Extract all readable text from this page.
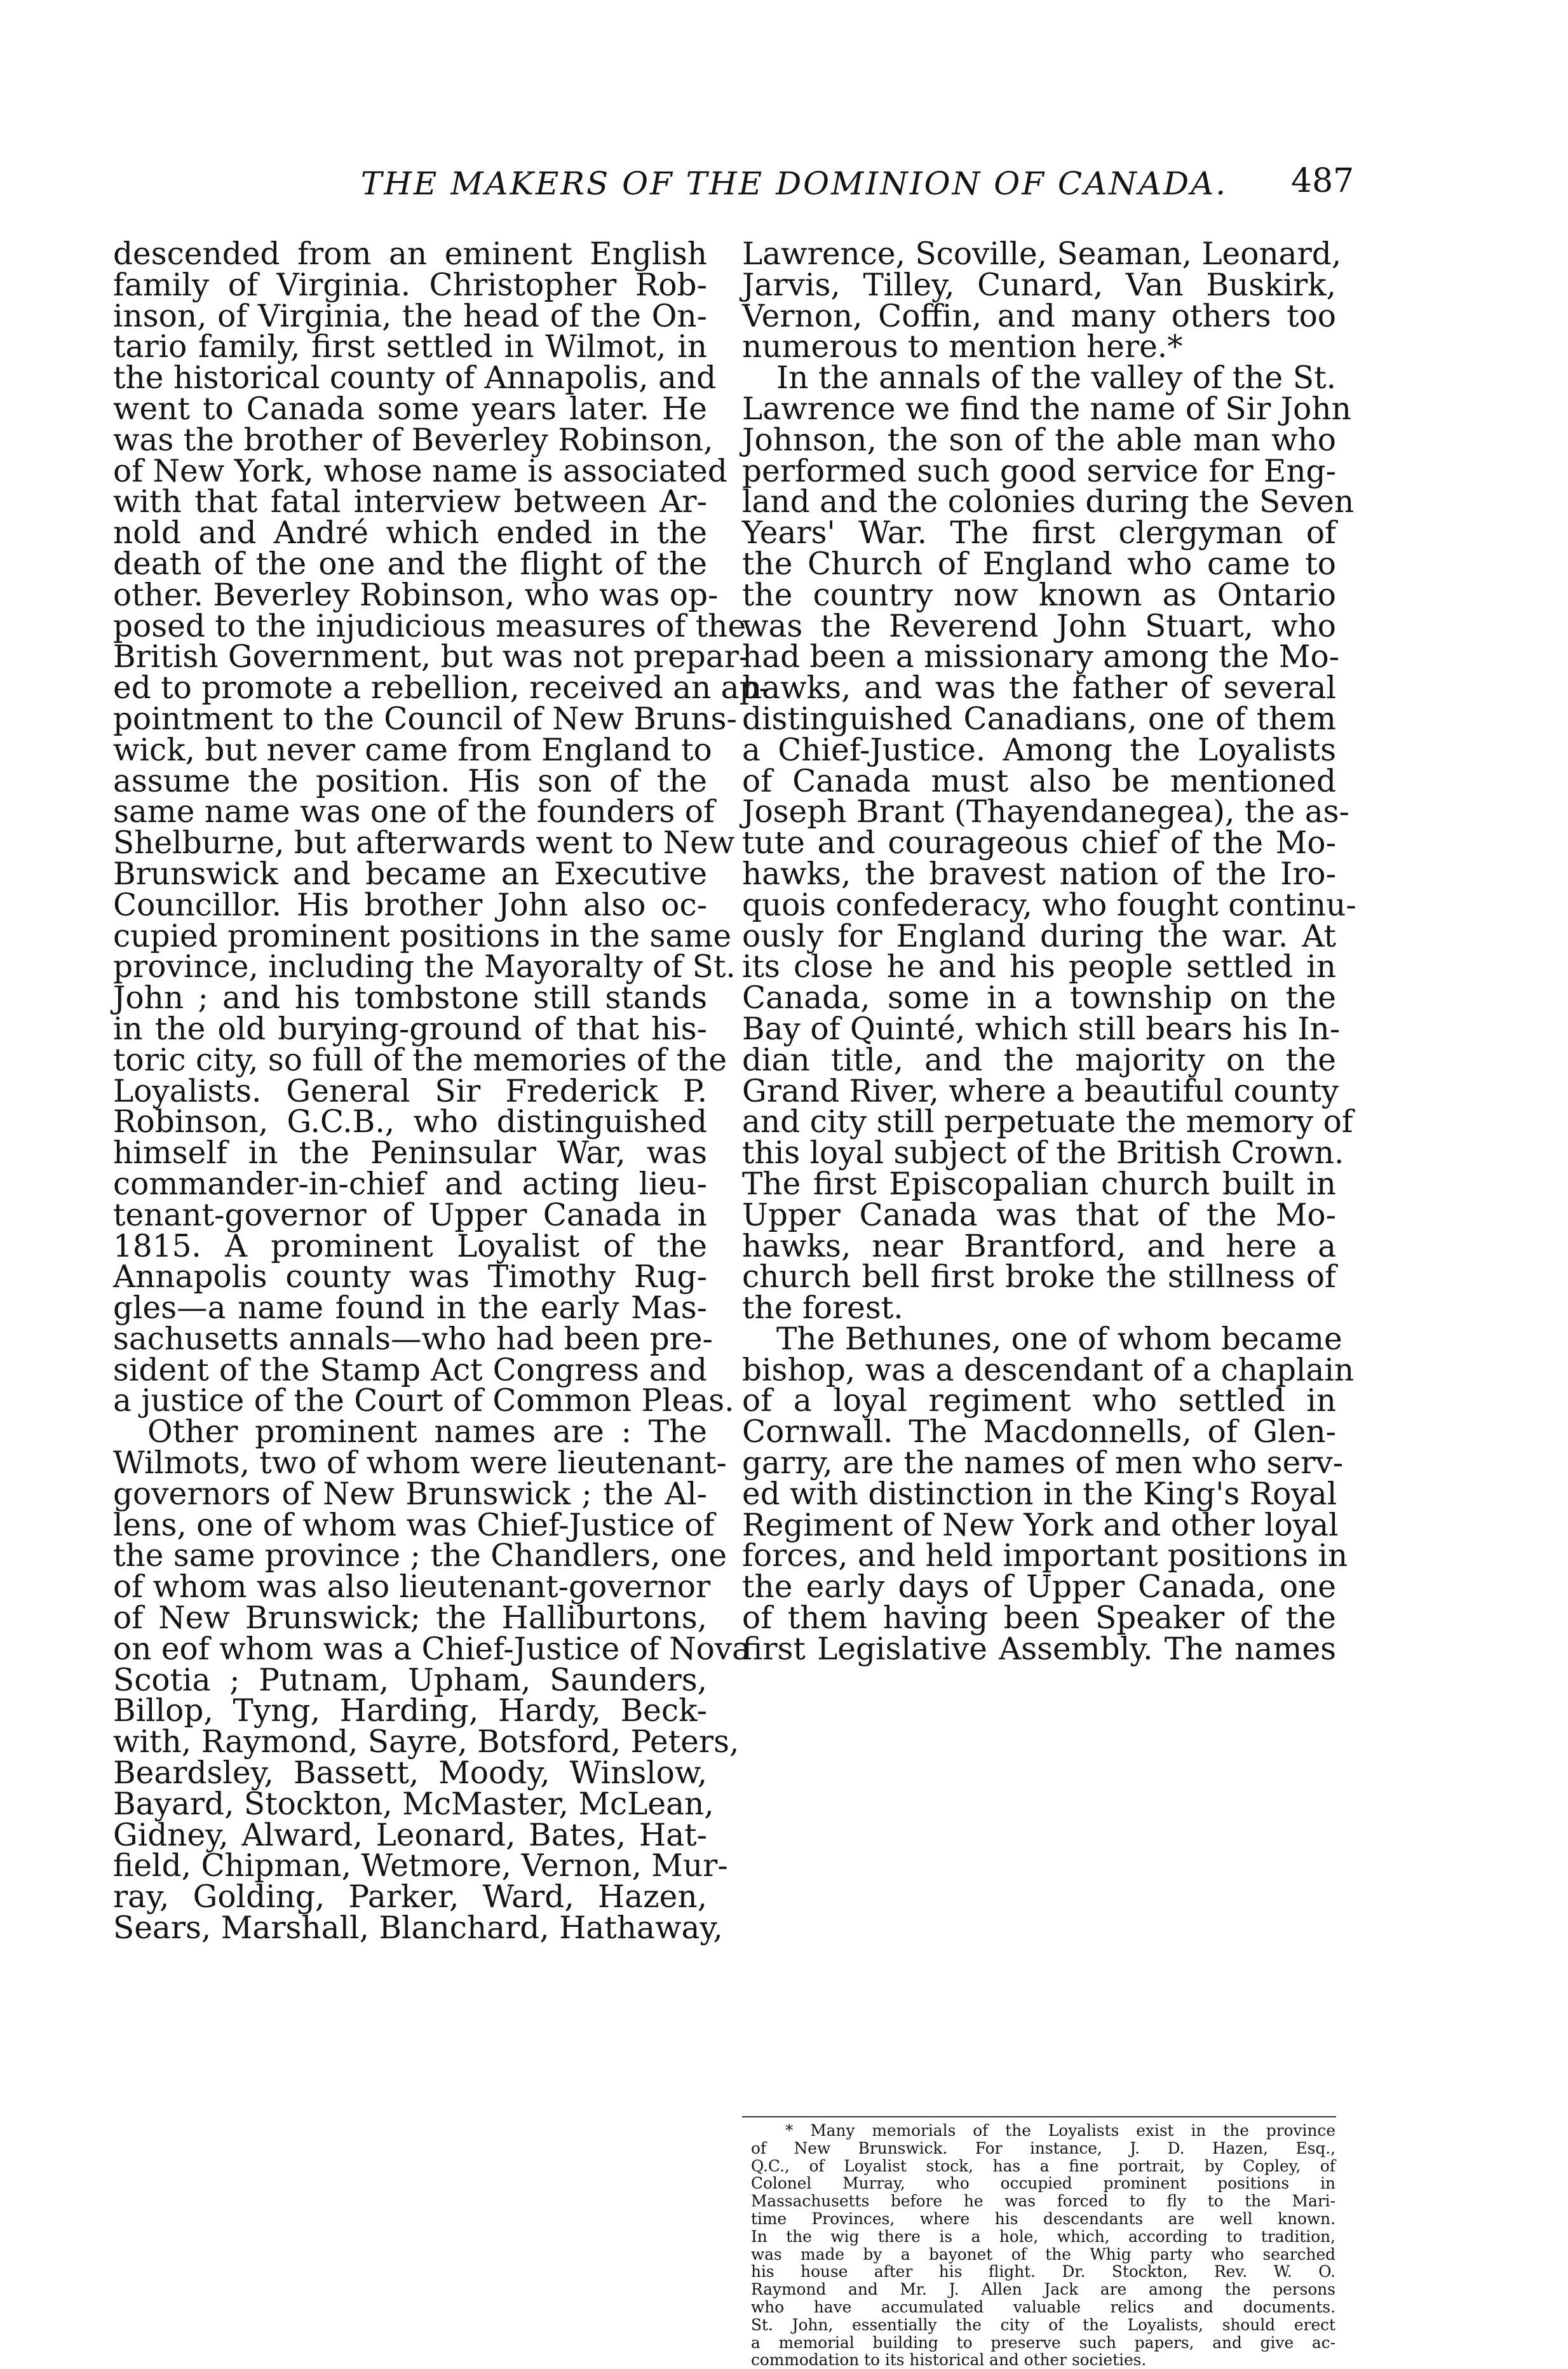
THE MAKERS OF THE DOMINION OF CANADA.	487
descended from an eminent English
family of Virginia. Christopher Rob-
inson, of Virginia, the head of the On-
tario family, first settled in Wilmot, in
the historical county of Annapolis, and
went to Canada some years later. He
was the brother of Beverley Robinson,
of New York, whose name is associated
with that fatal interview between Ar-
nold and André which ended in the
death of the one and the flight of the
other. Beverley Robinson, who was op-
posed to the injudicious measures of the
British Government, but was not prepar-
ed to promote a rebellion, received an ap-
pointment to the Council of New Bruns-
wick, but never came from England to
assume the position. His son of the
same name was one of the founders of
Shelburne, but afterwards went to New
Brunswick and became an Executive
Councillor. His brother John also oc-
cupied prominent positions in the same
province, including the Mayoralty of St.
John ; and his tombstone still stands
in the old burying-ground of that his-
toric city, so full of the memories of the
Loyalists. General Sir Frederick P.
Robinson, G.C.B., who distinguished
himself in the Peninsular War, was
commander-in-chief and acting lieu-
tenant-governor of Upper Canada in
1815. A prominent Loyalist of the
Annapolis county was Timothy Rug-
gles—a name found in the early Mas-
sachusetts annals—who had been pre-
sident of the Stamp Act Congress and
a justice of the Court of Common Pleas.
Other prominent names are : The
Wilmots, two of whom were lieutenant-
governors of New Brunswick ; the Al-
lens, one of whom was Chief-Justice of
the same province ; the Chandlers, one
of whom was also lieutenant-governor
of New Brunswick; the Halliburtons,
on eof whom was a Chief-Justice of Nova
Scotia ; Putnam, Upham, Saunders,
Billop, Tyng, Harding, Hardy, Beck-
with, Raymond, Sayre, Botsford, Peters,
Beardsley, Bassett, Moody, Winslow,
Bayard, Stockton, McMaster, McLean,
Gidney, Alward, Leonard, Bates, Hat-
field, Chipman, Wetmore, Vernon, Mur-
ray, Golding, Parker, Ward, Hazen,
Sears, Marshall, Blanchard, Hathaway,
Lawrence, Scoville, Seaman, Leonard,
Jarvis, Tilley, Cunard, Van Buskirk,
Vernon, Coffin, and many others too
numerous to mention here.*
In the annals of the valley of the St.
Lawrence we find the name of Sir John
Johnson, the son of the able man who
performed such good service for Eng-
land and the colonies during the Seven
Years' War. The first clergyman of
the Church of England who came to
the country now known as Ontario
was the Reverend John Stuart, who
had been a missionary among the Mo-
hawks, and was the father of several
distinguished Canadians, one of them
a Chief-Justice. Among the Loyalists
of Canada must also be mentioned
Joseph Brant (Thayendanegea), the as-
tute and courageous chief of the Mo-
hawks, the bravest nation of the Iro-
quois confederacy, who fought continu-
ously for England during the war. At
its close he and his people settled in
Canada, some in a township on the
Bay of Quinté, which still bears his In-
dian title, and the majority on the
Grand River, where a beautiful county
and city still perpetuate the memory of
this loyal subject of the British Crown.
The first Episcopalian church built in
Upper Canada was that of the Mo-
hawks, near Brantford, and here a
church bell first broke the stillness of
the forest.
The Bethunes, one of whom became
bishop, was a descendant of a chaplain
of a loyal regiment who settled in
Cornwall. The Macdonnells, of Glen-
garry, are the names of men who serv-
ed with distinction in the King's Royal
Regiment of New York and other loyal
forces, and held important positions in
the early days of Upper Canada, one
of them having been Speaker of the
first Legislative Assembly. The names
* Many memorials of the Loyalists exist in the province
of New Brunswick. For instance, J. D. Hazen, Esq.,
Q.C., of Loyalist stock, has a fine portrait, by Copley, of
Colonel Murray, who occupied prominent positions in
Massachusetts before he was forced to fly to the Mari-
time Provinces, where his descendants are well known.
In the wig there is a hole, which, according to tradition,
was made by a bayonet of the Whig party who searched
his house after his flight. Dr. Stockton, Rev. W. O.
Raymond and Mr. J. Allen Jack are among the persons
who have accumulated valuable relics and documents.
St. John, essentially the city of the Loyalists, should erect
a memorial building to preserve such papers, and give ac-
commodation to its historical and other societies.
